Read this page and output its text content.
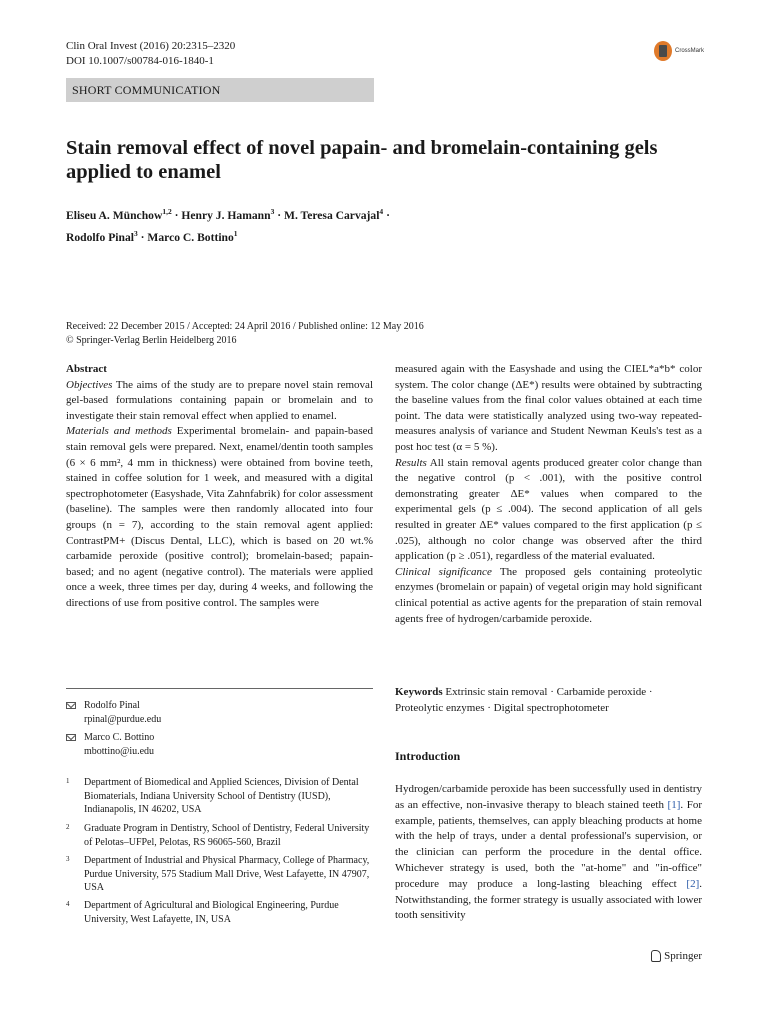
Clin Oral Invest (2016) 20:2315–2320
DOI 10.1007/s00784-016-1840-1
CrossMark
SHORT COMMUNICATION
Stain removal effect of novel papain- and bromelain-containing gels applied to enamel
Eliseu A. Münchow$^{1,2}$ · Henry J. Hamann$^3$ · M. Teresa Carvajal$^4$ ·
Rodolfo Pinal$^3$ · Marco C. Bottino$^1$
Received: 22 December 2015 / Accepted: 24 April 2016 / Published online: 12 May 2016
© Springer-Verlag Berlin Heidelberg 2016

Abstract

Objectives The aims of the study are to prepare novel stain removal gel-based formulations containing papain or bromelain and to investigate their stain removal effect when applied to enamel.

Materials and methods Experimental bromelain- and papain-based stain removal gels were prepared. Next, enamel/dentin tooth samples (6 × 6 mm², 4 mm in thickness) were obtained from bovine teeth, stained in coffee solution for 1 week, and measured with a digital spectrophotometer (Easyshade, Vita Zahnfabrik) for color assessment (baseline). The samples were then randomly allocated into four groups (n = 7), according to the stain removal agent applied: ContrastPM+ (Discus Dental, LLC), which is based on 20 wt.% carbamide peroxide (positive control); bromelain-based; papain-based; and no agent (negative control). The materials were applied once a week, three times per day, during 4 weeks, and following the directions of use from positive control. The samples were

measured again with the Easyshade and using the CIEL*a*b* color system. The color change (ΔE*) results were obtained by subtracting the baseline values from the final color values obtained at each time point. The data were statistically analyzed using two-way repeated-measures analysis of variance and Student Newman Keuls's test as a post hoc test (α = 5 %).

Results All stain removal agents produced greater color change than the negative control (p < .001), with the positive control demonstrating greater ΔE* values when compared to the experimental gels (p ≤ .004). The second application of all gels resulted in greater ΔE* values compared to the first application (p ≤ .025), although no color change was observed after the third application (p ≥ .051), regardless of the material evaluated.

Clinical significance The proposed gels containing proteolytic enzymes (bromelain or papain) of vegetal origin may hold significant clinical potential as active agents for the preparation of stain removal agents free of hydrogen/carbamide peroxide.

Rodolfo Pinal
rpinal@purdue.edu
Marco C. Bottino
mbottino@iu.edu
1	Department of Biomedical and Applied Sciences, Division of Dental Biomaterials, Indiana University School of Dentistry (IUSD), Indianapolis, IN 46202, USA
2	Graduate Program in Dentistry, School of Dentistry, Federal University of Pelotas–UFPel, Pelotas, RS 96065-560, Brazil
3	Department of Industrial and Physical Pharmacy, College of Pharmacy, Purdue University, 575 Stadium Mall Drive, West Lafayette, IN 47907, USA
4	Department of Agricultural and Biological Engineering, Purdue University, West Lafayette, IN, USA
Keywords Extrinsic stain removal · Carbamide peroxide · Proteolytic enzymes · Digital spectrophotometer
Introduction
Hydrogen/carbamide peroxide has been successfully used in dentistry as an effective, non-invasive therapy to bleach stained teeth [1]. For example, patients, themselves, can apply bleaching products at home with the help of trays, under a dental professional's supervision, or the clinician can perform the procedure in the dental office. Whichever strategy is used, both the "at-home" and "in-office" procedure may produce a long-lasting bleaching effect [2]. Notwithstanding, the former strategy is usually associated with lower tooth sensitivity
Springer
